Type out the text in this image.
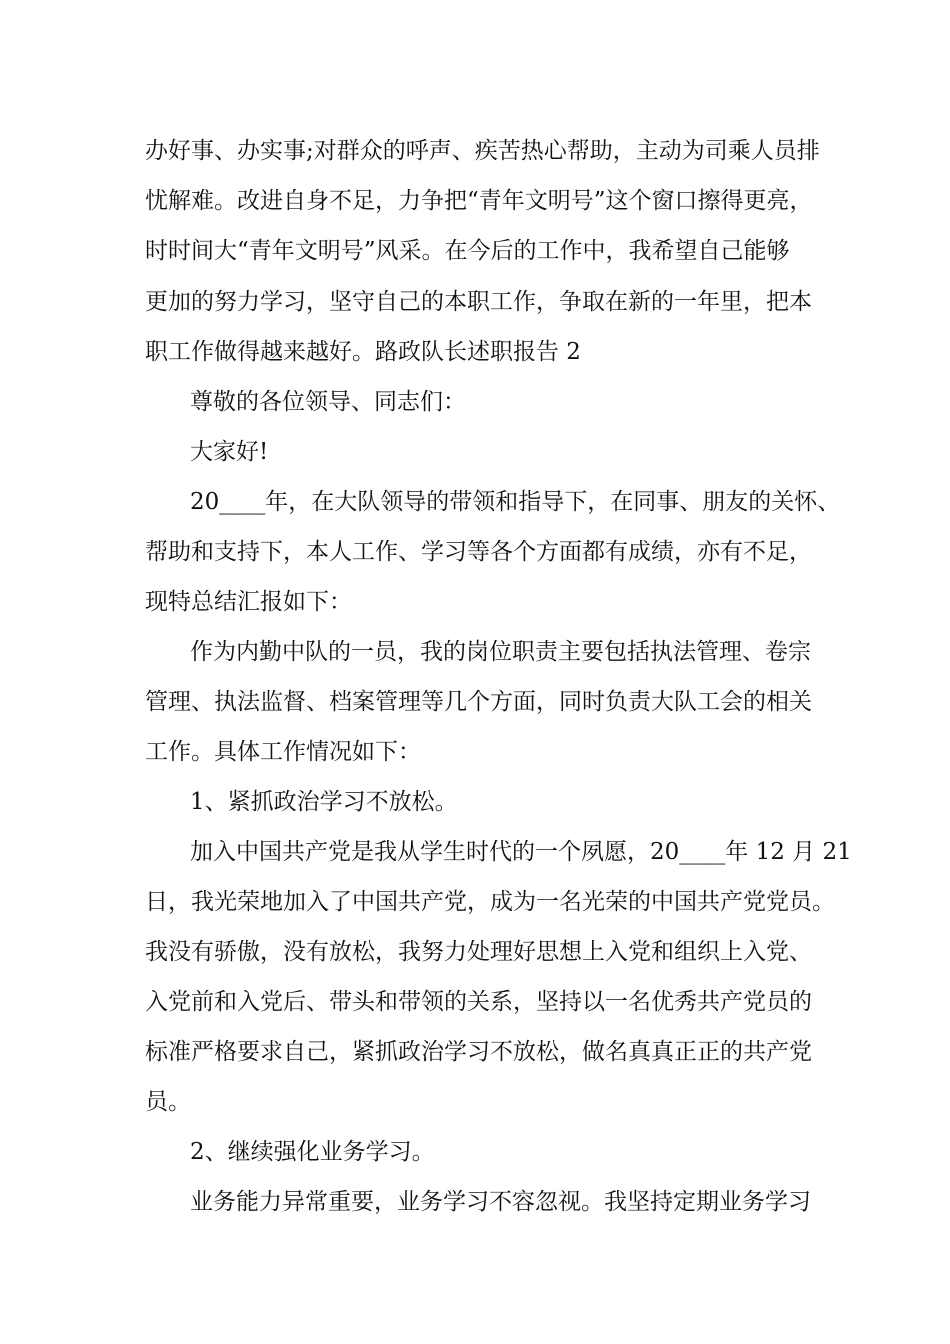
办好事、办实事;对群众的呼声、疾苦热心帮助，主动为司乘人员排
忧解难。改进自身不足，力争把“青年文明号”这个窗口擦得更亮，
时时间大“青年文明号”风采。在今后的工作中，我希望自己能够
更加的努力学习，坚守自己的本职工作，争取在新的一年里，把本
职工作做得越来越好。路政队长述职报告 2
尊敬的各位领导、同志们：
大家好!
20____年，在大队领导的带领和指导下，在同事、朋友的关怀、
帮助和支持下，本人工作、学习等各个方面都有成绩，亦有不足，
现特总结汇报如下：
作为内勤中队的一员，我的岗位职责主要包括执法管理、卷宗
管理、执法监督、档案管理等几个方面，同时负责大队工会的相关
工作。具体工作情况如下：
1、紧抓政治学习不放松。
加入中国共产党是我从学生时代的一个夙愿，20____年 12 月 21
日，我光荣地加入了中国共产党，成为一名光荣的中国共产党党员。
我没有骄傲，没有放松，我努力处理好思想上入党和组织上入党、
入党前和入党后、带头和带领的关系，坚持以一名优秀共产党员的
标准严格要求自己，紧抓政治学习不放松，做名真真正正的共产党
员。
2、继续强化业务学习。
业务能力异常重要，业务学习不容忽视。我坚持定期业务学习
